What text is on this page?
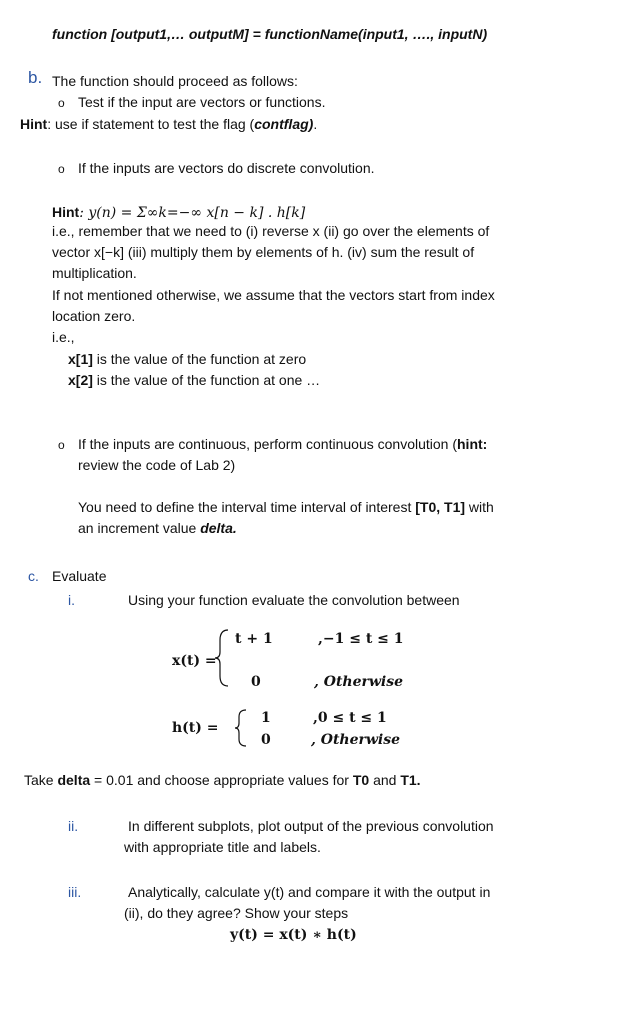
function [output1,… outputM] = functionName(input1, …., inputN)
b. The function should proceed as follows:
o Test if the input are vectors or functions.
Hint: use if statement to test the flag (contflag).
o If the inputs are vectors do discrete convolution.
Hint: y(n) = Σ∞k=−∞ x[n − k] . h[k]
i.e., remember that we need to (i) reverse x (ii) go over the elements of
vector x[−k] (iii) multiply them by elements of h. (iv) sum the result of
multiplication.
If not mentioned otherwise, we assume that the vectors start from index
location zero.
i.e.,
x[1] is the value of the function at zero
x[2] is the value of the function at one …
o If the inputs are continuous, perform continuous convolution (hint:
review the code of Lab 2)
You need to define the interval time interval of interest [T0, T1] with
an increment value delta.
c. Evaluate
i.	Using your function evaluate the convolution between
x(t) =
t + 1	,−1 ≤ t ≤ 1
0	, Otherwise
h(t) =
1	,0 ≤ t ≤ 1
0	, Otherwise
Take delta = 0.01 and choose appropriate values for T0 and T1.
ii.	In different subplots, plot output of the previous convolution
with appropriate title and labels.
iii.	Analytically, calculate y(t) and compare it with the output in
(ii), do they agree? Show your steps
y(t) = x(t) ∗ h(t)
